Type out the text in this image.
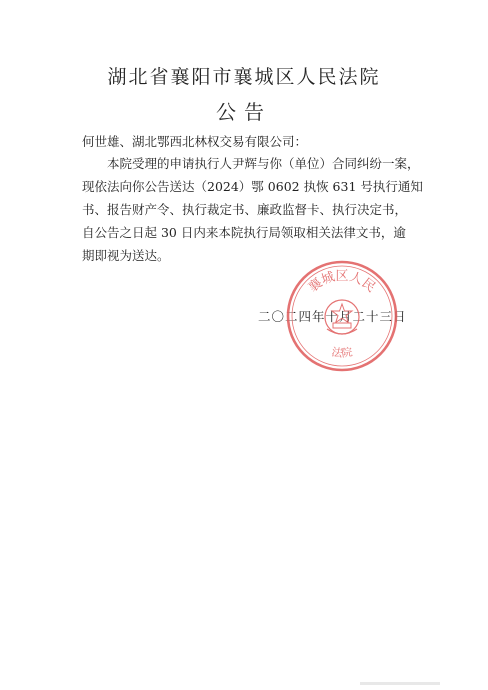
湖北省襄阳市襄城区人民法院
公告
何世雄、湖北鄂西北林权交易有限公司：
本院受理的申请执行人尹辉与你（单位）合同纠纷一案，
现依法向你公告送达（2024）鄂 0602 执恢 631 号执行通知
书、报告财产令、执行裁定书、廉政监督卡、执行决定书，
自公告之日起 30 日内来本院执行局领取相关法律文书，逾
期即视为送达。
二〇二四年十月二十三日
襄城区人民
法院
